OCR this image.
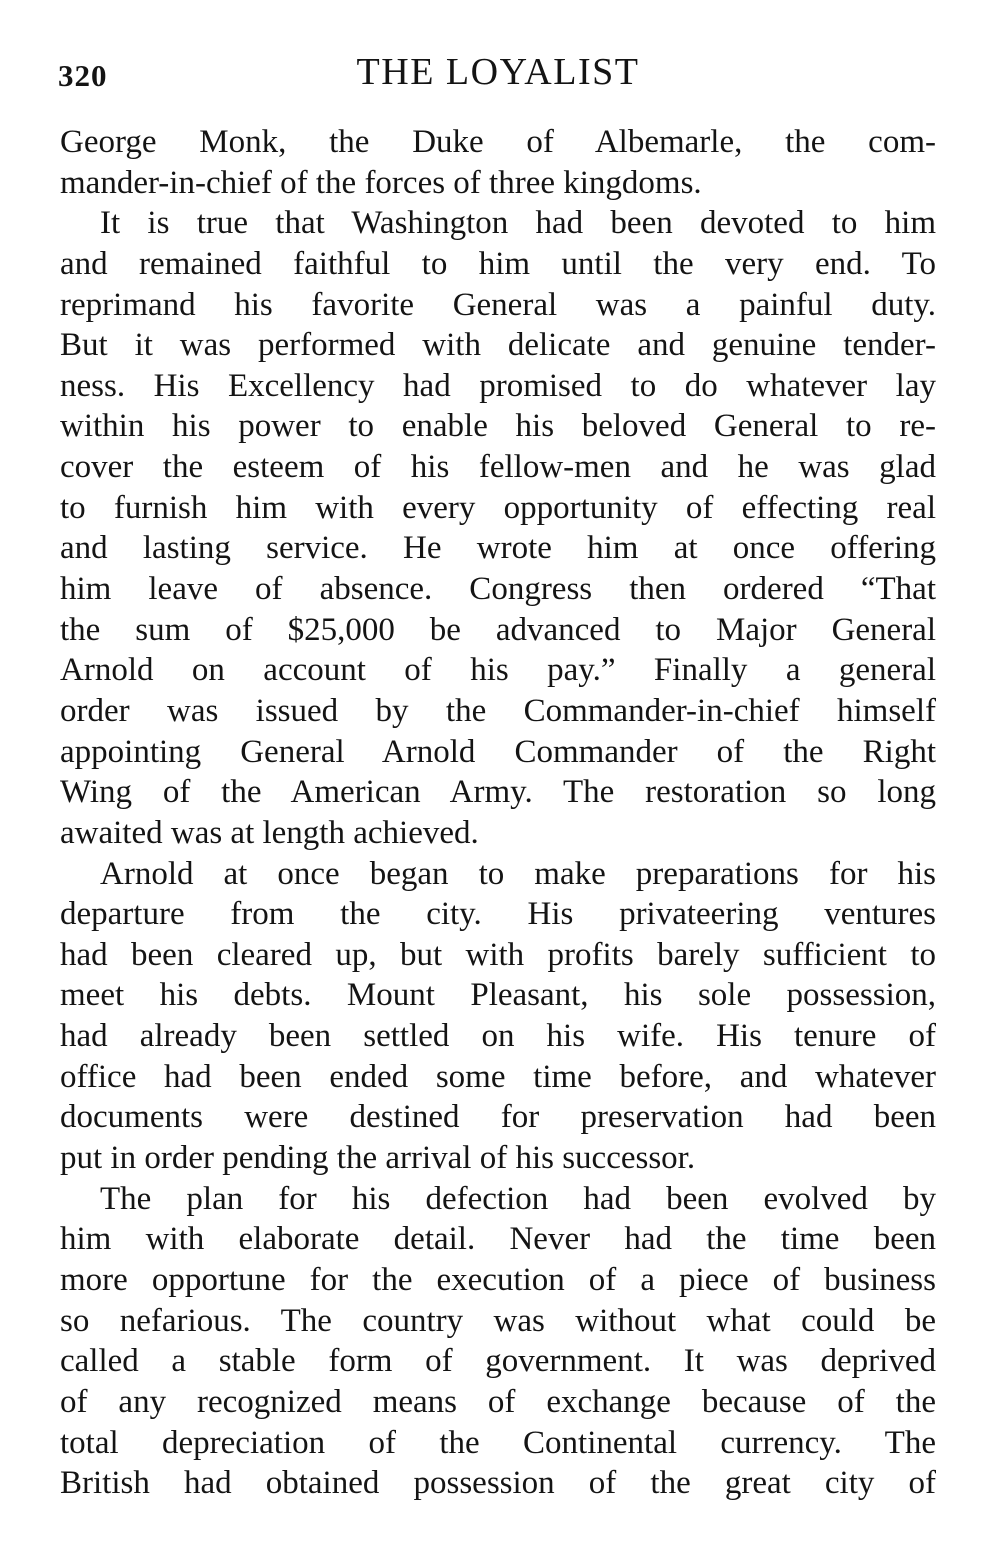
320	THE LOYALIST
George Monk, the Duke of Albemarle, the com-
mander-in-chief of the forces of three kingdoms.
It is true that Washington had been devoted to him
and remained faithful to him until the very end. To
reprimand his favorite General was a painful duty.
But it was performed with delicate and genuine tender-
ness. His Excellency had promised to do whatever lay
within his power to enable his beloved General to re-
cover the esteem of his fellow-men and he was glad
to furnish him with every opportunity of effecting real
and lasting service. He wrote him at once offering
him leave of absence. Congress then ordered “That
the sum of $25,000 be advanced to Major General
Arnold on account of his pay.” Finally a general
order was issued by the Commander-in-chief himself
appointing General Arnold Commander of the Right
Wing of the American Army. The restoration so long
awaited was at length achieved.
Arnold at once began to make preparations for his
departure from the city. His privateering ventures
had been cleared up, but with profits barely sufficient to
meet his debts. Mount Pleasant, his sole possession,
had already been settled on his wife. His tenure of
office had been ended some time before, and whatever
documents were destined for preservation had been
put in order pending the arrival of his successor.
The plan for his defection had been evolved by
him with elaborate detail. Never had the time been
more opportune for the execution of a piece of business
so nefarious. The country was without what could be
called a stable form of government. It was deprived
of any recognized means of exchange because of the
total depreciation of the Continental currency. The
British had obtained possession of the great city of
